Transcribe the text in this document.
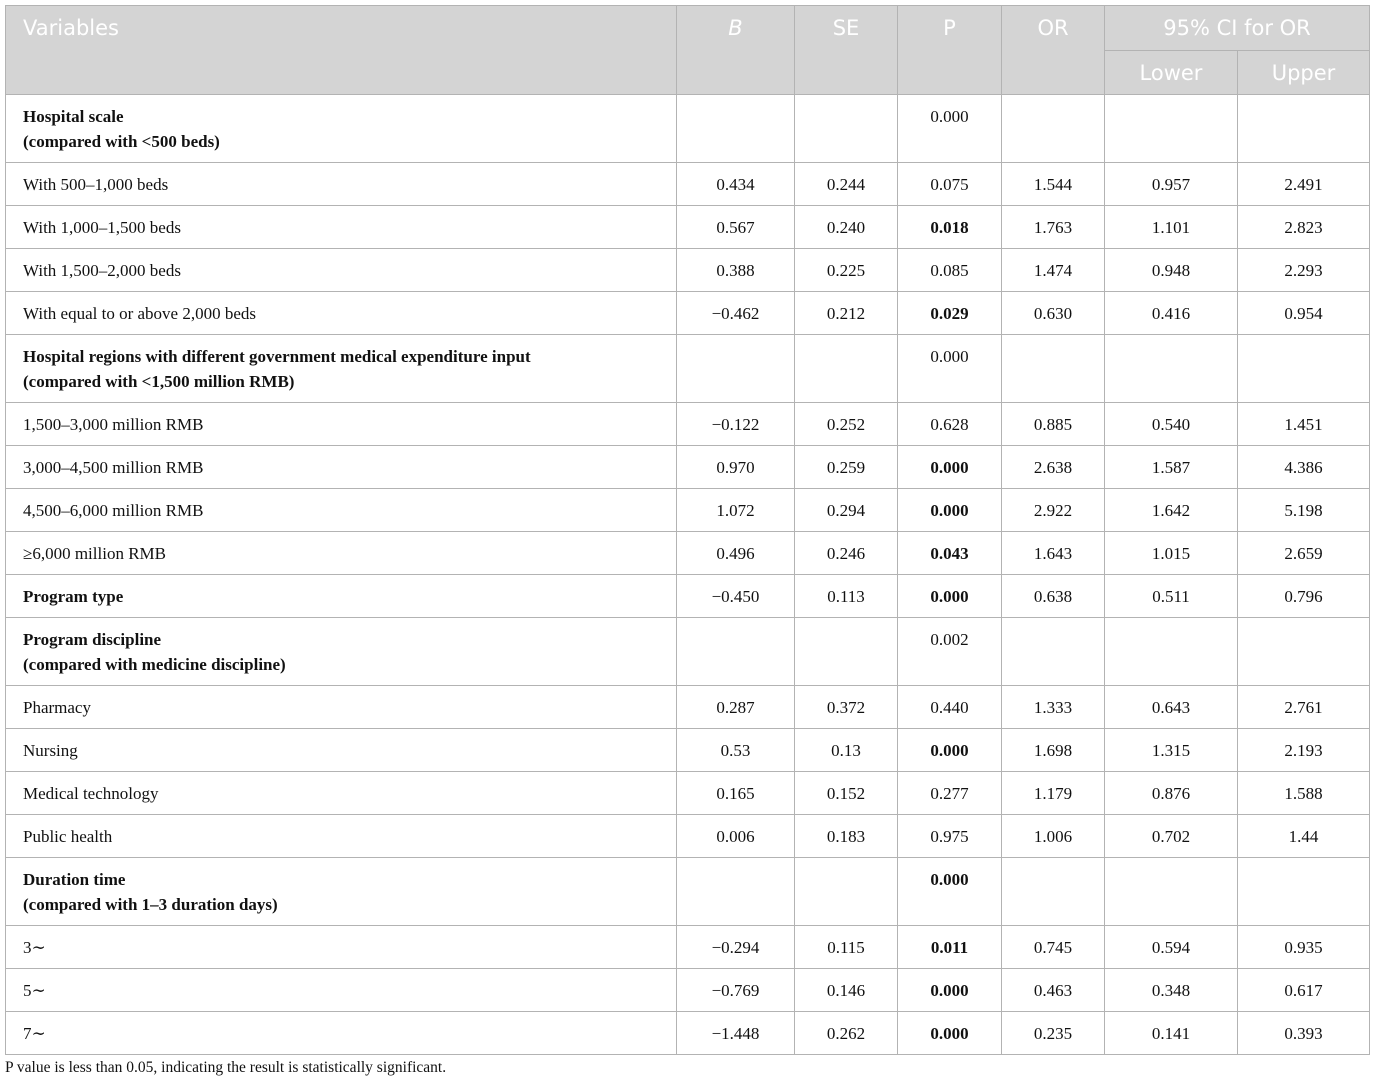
Variables	B	SE	P	OR	95% CI for OR	
					Lower	Upper
Hospital scale
(compared with <500 beds)			0.000			
With 500–1,000 beds	0.434	0.244	0.075	1.544	0.957	2.491
With 1,000–1,500 beds	0.567	0.240	0.018	1.763	1.101	2.823
With 1,500–2,000 beds	0.388	0.225	0.085	1.474	0.948	2.293
With equal to or above 2,000 beds	−0.462	0.212	0.029	0.630	0.416	0.954
Hospital regions with different government medical expenditure input
(compared with <1,500 million RMB)			0.000			
1,500–3,000 million RMB	−0.122	0.252	0.628	0.885	0.540	1.451
3,000–4,500 million RMB	0.970	0.259	0.000	2.638	1.587	4.386
4,500–6,000 million RMB	1.072	0.294	0.000	2.922	1.642	5.198
≥6,000 million RMB	0.496	0.246	0.043	1.643	1.015	2.659
Program type	−0.450	0.113	0.000	0.638	0.511	0.796
Program discipline
(compared with medicine discipline)			0.002			
Pharmacy	0.287	0.372	0.440	1.333	0.643	2.761
Nursing	0.53	0.13	0.000	1.698	1.315	2.193
Medical technology	0.165	0.152	0.277	1.179	0.876	1.588
Public health	0.006	0.183	0.975	1.006	0.702	1.44
Duration time
(compared with 1–3 duration days)			0.000			
3∼	−0.294	0.115	0.011	0.745	0.594	0.935
5∼	−0.769	0.146	0.000	0.463	0.348	0.617
7∼	−1.448	0.262	0.000	0.235	0.141	0.393
P value is less than 0.05, indicating the result is statistically significant.
